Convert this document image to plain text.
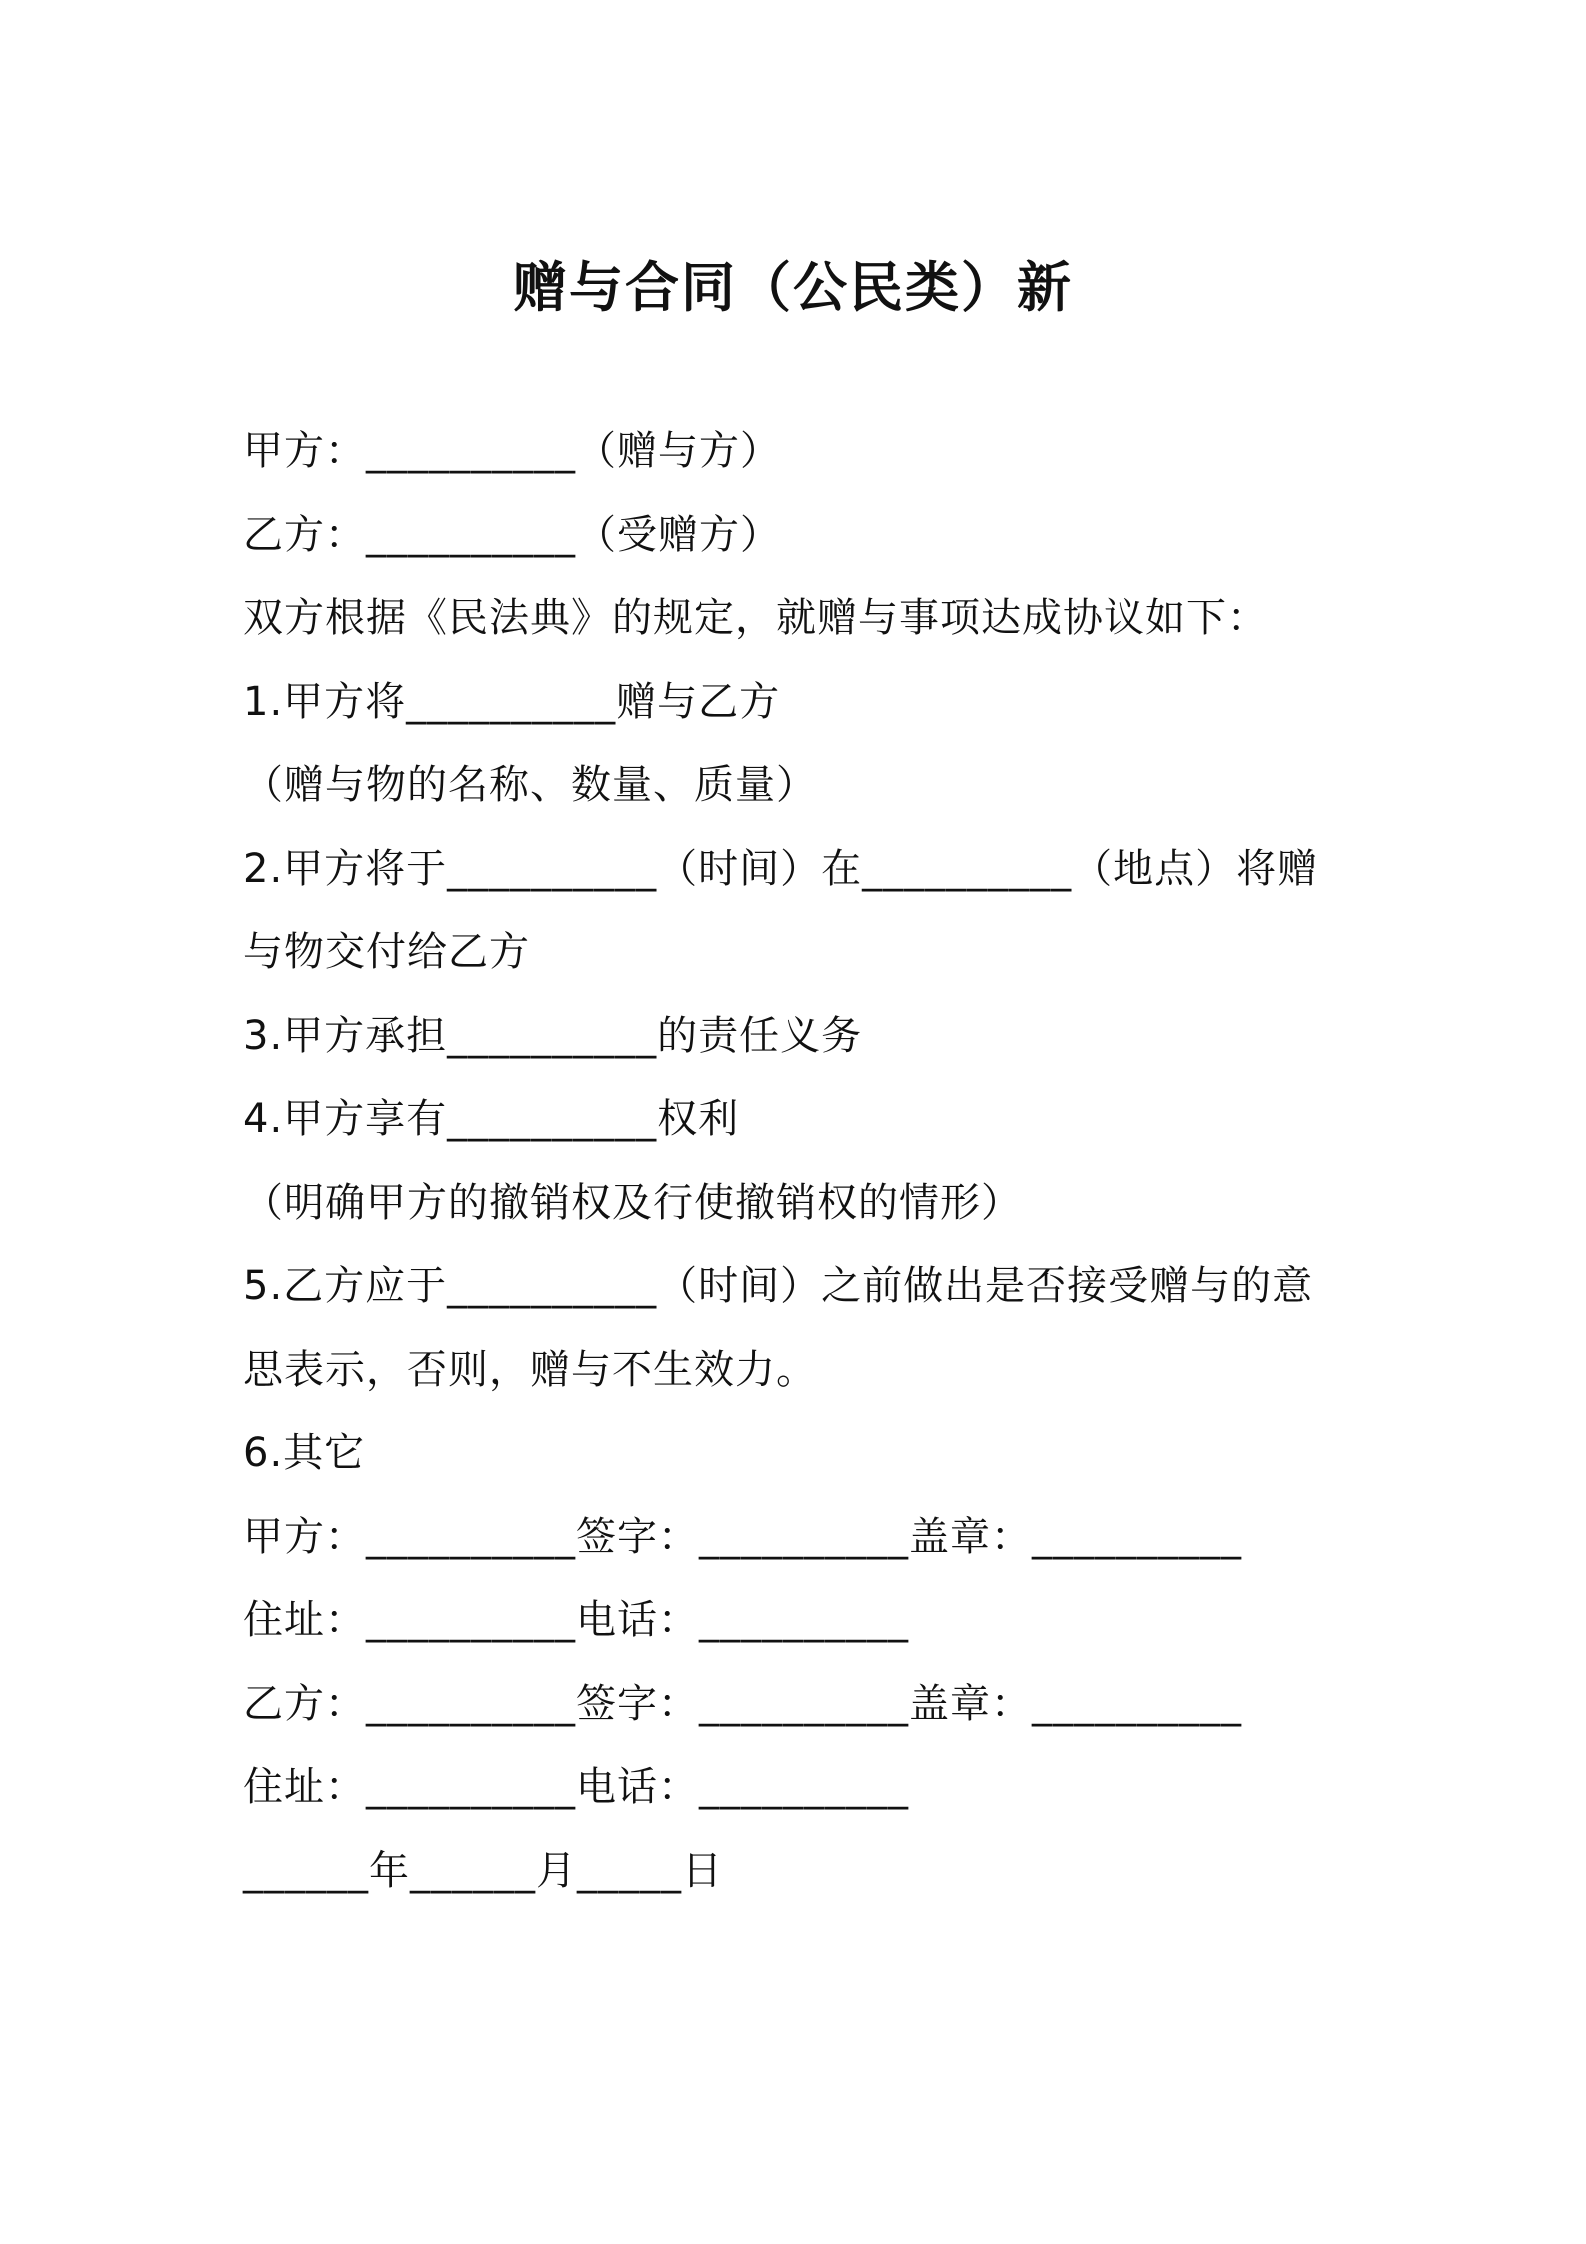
赠与合同（公民类）新
甲方：__________（赠与方）
乙方：__________（受赠方）
双方根据《民法典》的规定，就赠与事项达成协议如下：
1.甲方将__________赠与乙方
（赠与物的名称、数量、质量）
2.甲方将于__________（时间）在__________（地点）将赠
与物交付给乙方
3.甲方承担__________的责任义务
4.甲方享有__________权利
（明确甲方的撤销权及行使撤销权的情形）
5.乙方应于__________（时间）之前做出是否接受赠与的意
思表示，否则，赠与不生效力。
6.其它
甲方：__________签字：__________盖章：__________
住址：__________电话：__________
乙方：__________签字：__________盖章：__________
住址：__________电话：__________
______年______月_____日
